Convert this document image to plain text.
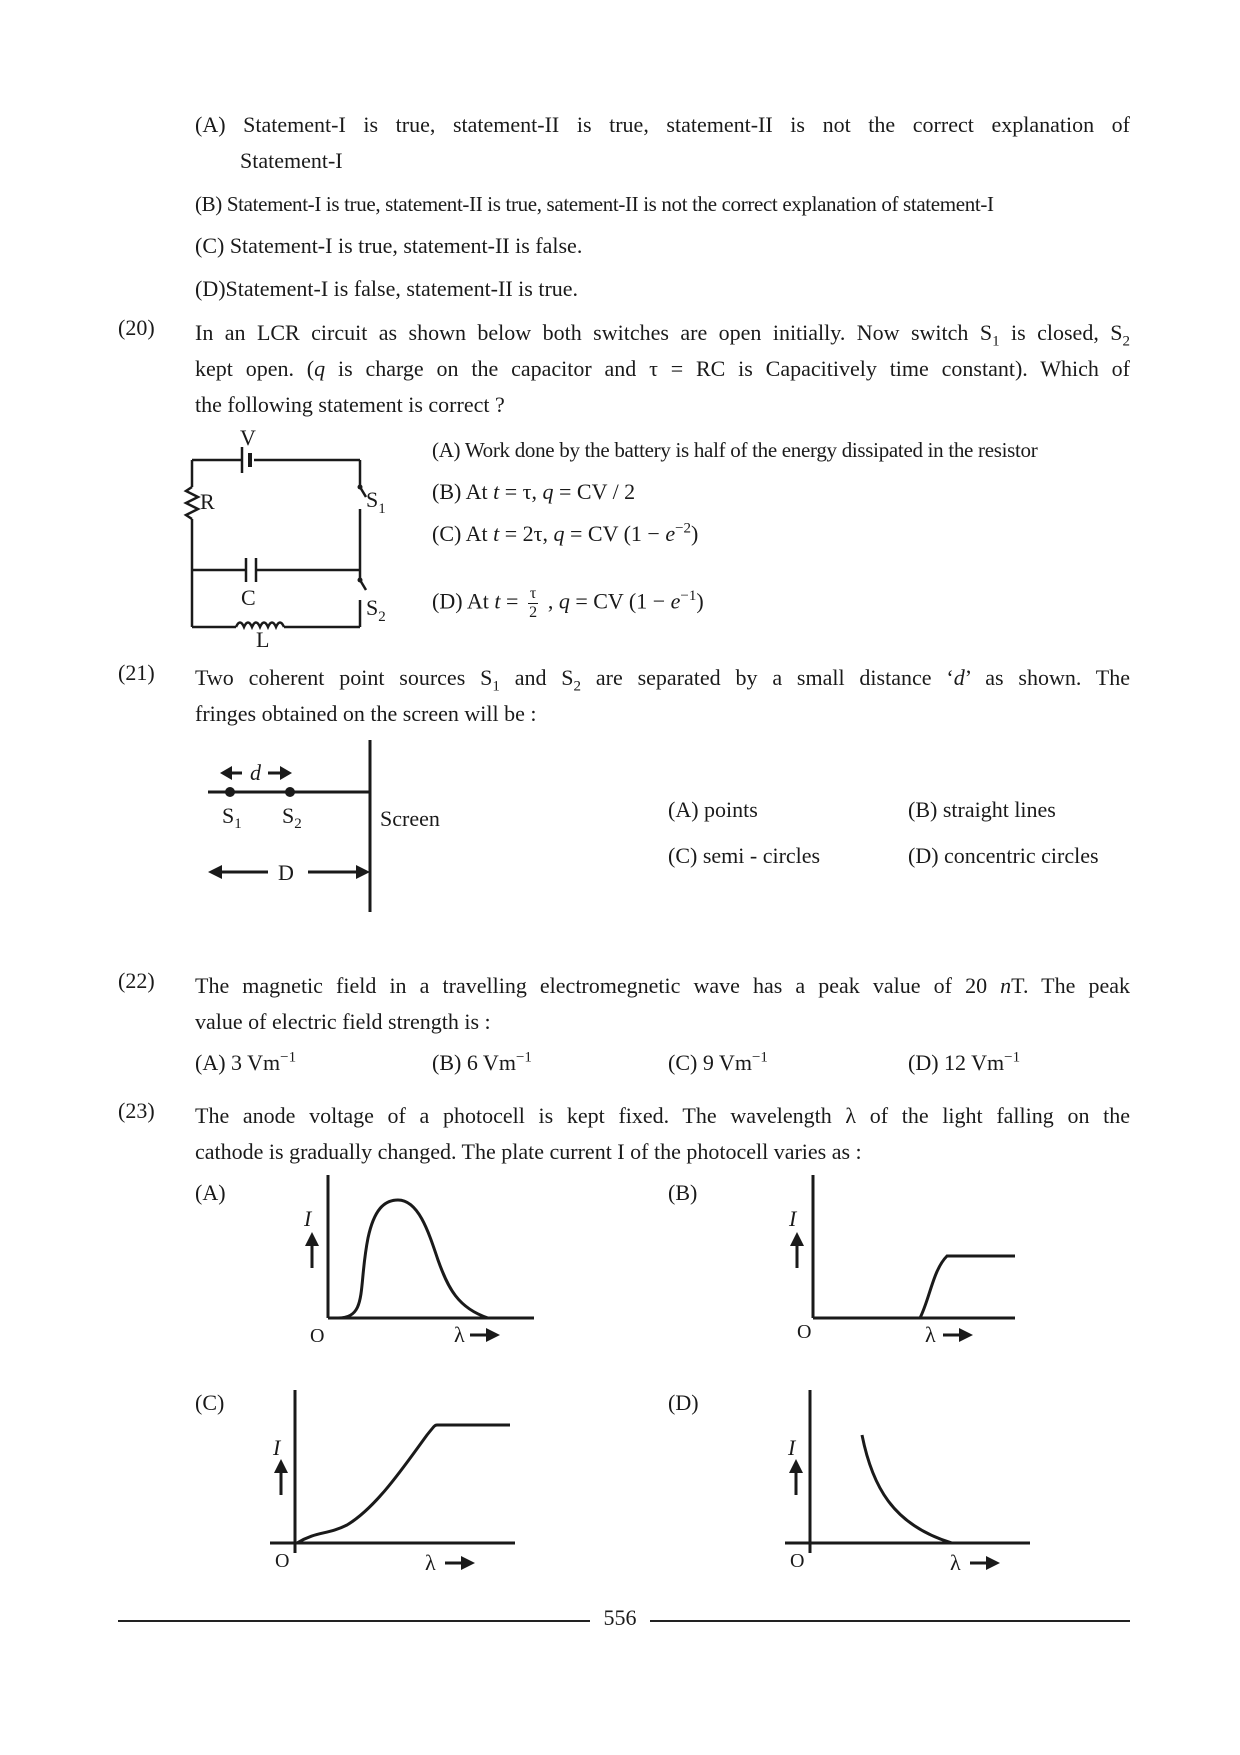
(A) Statement-I is true, statement-II is true, statement-II is not the correct explanation of
Statement-I
(B) Statement-I is true, statement-II is true, satement-II is not the correct explanation of statement-I
(C) Statement-I is true, statement-II is false.
(D)Statement-I is false, statement-II is true.
(20) In an LCR circuit as shown below both switches are open initially. Now switch $S_1$ is closed, $S_2$
kept open. (q is charge on the capacitor and τ = RC is Capacitively time constant). Which of
the following statement is correct ?
V
R
C
L
$S_1$
$S_2$
(A) Work done by the battery is half of the energy dissipated in the resistor
(B) At t = τ, q = CV / 2
(C) At t = 2τ, q = CV $(1 - e^{-2})$
(D) At $t = \frac{\tau}{2}$ , q = CV $(1 - e^{-1})$
(21) Two coherent point sources $S_1$ and $S_2$ are separated by a small distance ‘d’ as shown. The
fringes obtained on the screen will be :
d
$S_1$ $S_2$	Screen
D
(A) points	(B) straight lines
(C) semi - circles	(D) concentric circles
(22) The magnetic field in a travelling electromegnetic wave has a peak value of 20 nT. The peak
value of electric field strength is :
(A) 3 $Vm^{-1}$	(B) 6 $Vm^{-1}$	(C) 9 $Vm^{-1}$	(D) 12 $Vm^{-1}$
(23) The anode voltage of a photocell is kept fixed. The wavelength λ of the light falling on the
cathode is gradually changed. The plate current I of the photocell varies as :
(A)	(B)
(C)	(D)
I
O	λ
I
O	λ
I
O	λ
I
O	λ
556
